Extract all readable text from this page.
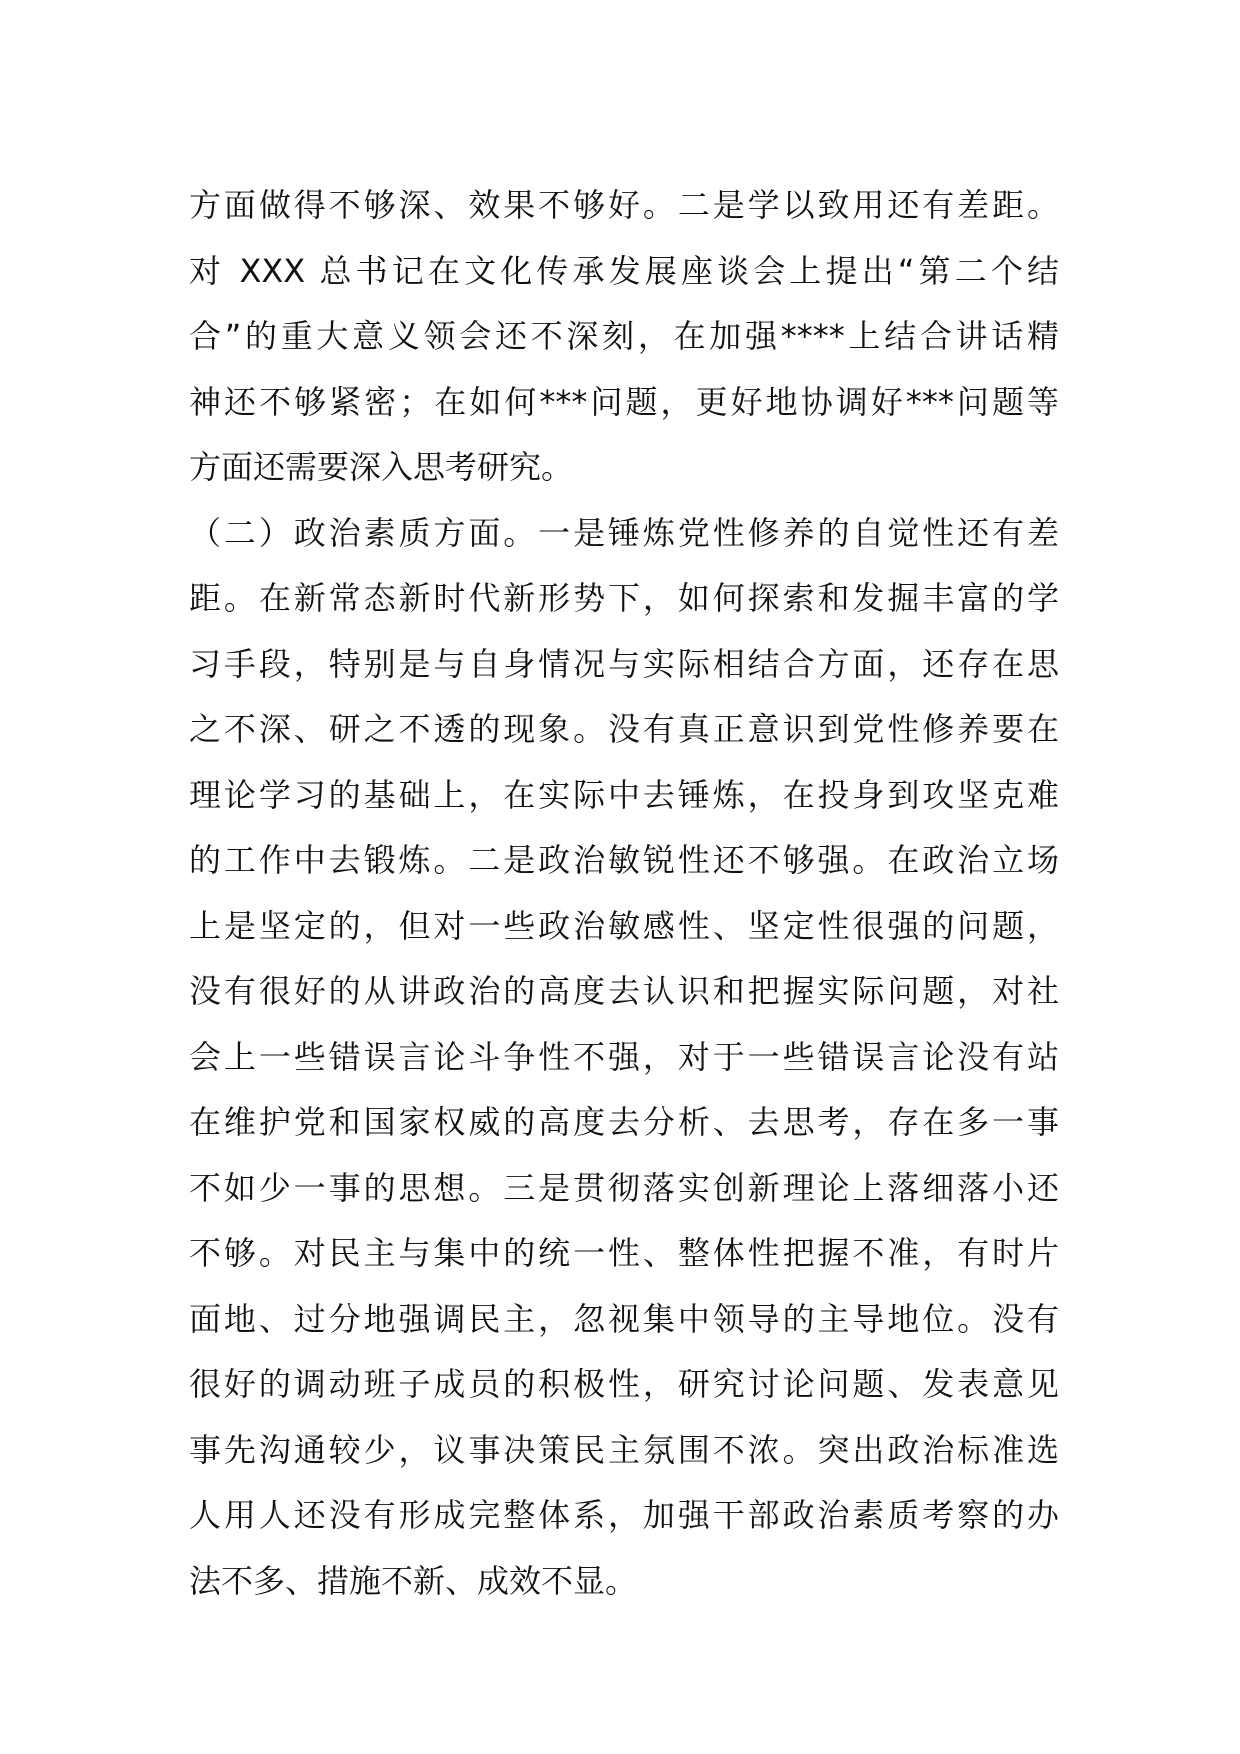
方面做得不够深、效果不够好。二是学以致用还有差距。
对 XXX 总书记在文化传承发展座谈会上提出“第二个结
合”的重大意义领会还不深刻，在加强****上结合讲话精
神还不够紧密；在如何***问题，更好地协调好***问题等
方面还需要深入思考研究。
（二）政治素质方面。一是锤炼党性修养的自觉性还有差
距。在新常态新时代新形势下，如何探索和发掘丰富的学
习手段，特别是与自身情况与实际相结合方面，还存在思
之不深、研之不透的现象。没有真正意识到党性修养要在
理论学习的基础上，在实际中去锤炼，在投身到攻坚克难
的工作中去锻炼。二是政治敏锐性还不够强。在政治立场
上是坚定的，但对一些政治敏感性、坚定性很强的问题，
没有很好的从讲政治的高度去认识和把握实际问题，对社
会上一些错误言论斗争性不强，对于一些错误言论没有站
在维护党和国家权威的高度去分析、去思考，存在多一事
不如少一事的思想。三是贯彻落实创新理论上落细落小还
不够。对民主与集中的统一性、整体性把握不准，有时片
面地、过分地强调民主，忽视集中领导的主导地位。没有
很好的调动班子成员的积极性，研究讨论问题、发表意见
事先沟通较少，议事决策民主氛围不浓。突出政治标准选
人用人还没有形成完整体系，加强干部政治素质考察的办
法不多、措施不新、成效不显。
